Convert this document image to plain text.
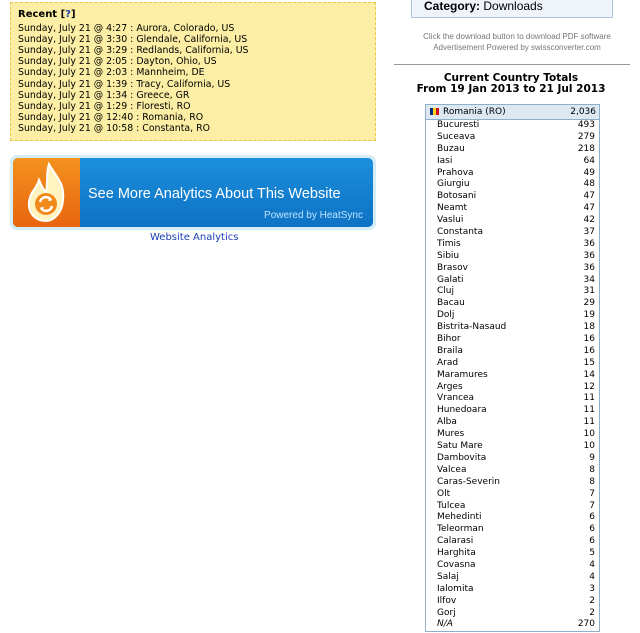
Recent [?]
Sunday, July 21 @ 4:27 : Aurora, Colorado, US
Sunday, July 21 @ 3:30 : Glendale, California, US
Sunday, July 21 @ 3:29 : Redlands, California, US
Sunday, July 21 @ 2:05 : Dayton, Ohio, US
Sunday, July 21 @ 2:03 : Mannheim, DE
Sunday, July 21 @ 1:39 : Tracy, California, US
Sunday, July 21 @ 1:34 : Greece, GR
Sunday, July 21 @ 1:29 : Floresti, RO
Sunday, July 21 @ 12:40 : Romania, RO
Sunday, July 21 @ 10:58 : Constanta, RO
See More Analytics About This Website
Powered by HeatSync
Website Analytics
Category: Downloads
Click the download button to download PDF software
Advertisement Powered by swissconverter.com
Current Country Totals
From 19 Jan 2013 to 21 Jul 2013
Romania (RO)	2,036
Bucuresti	493
Suceava	279
Buzau	218
Iasi	64
Prahova	49
Giurgiu	48
Botosani	47
Neamt	47
Vaslui	42
Constanta	37
Timis	36
Sibiu	36
Brasov	36
Galati	34
Cluj	31
Bacau	29
Dolj	19
Bistrita-Nasaud	18
Bihor	16
Braila	16
Arad	15
Maramures	14
Arges	12
Vrancea	11
Hunedoara	11
Alba	11
Mures	10
Satu Mare	10
Dambovita	9
Valcea	8
Caras-Severin	8
Olt	7
Tulcea	7
Mehedinti	6
Teleorman	6
Calarasi	6
Harghita	5
Covasna	4
Salaj	4
Ialomita	3
Ilfov	2
Gorj	2
N/A	270
